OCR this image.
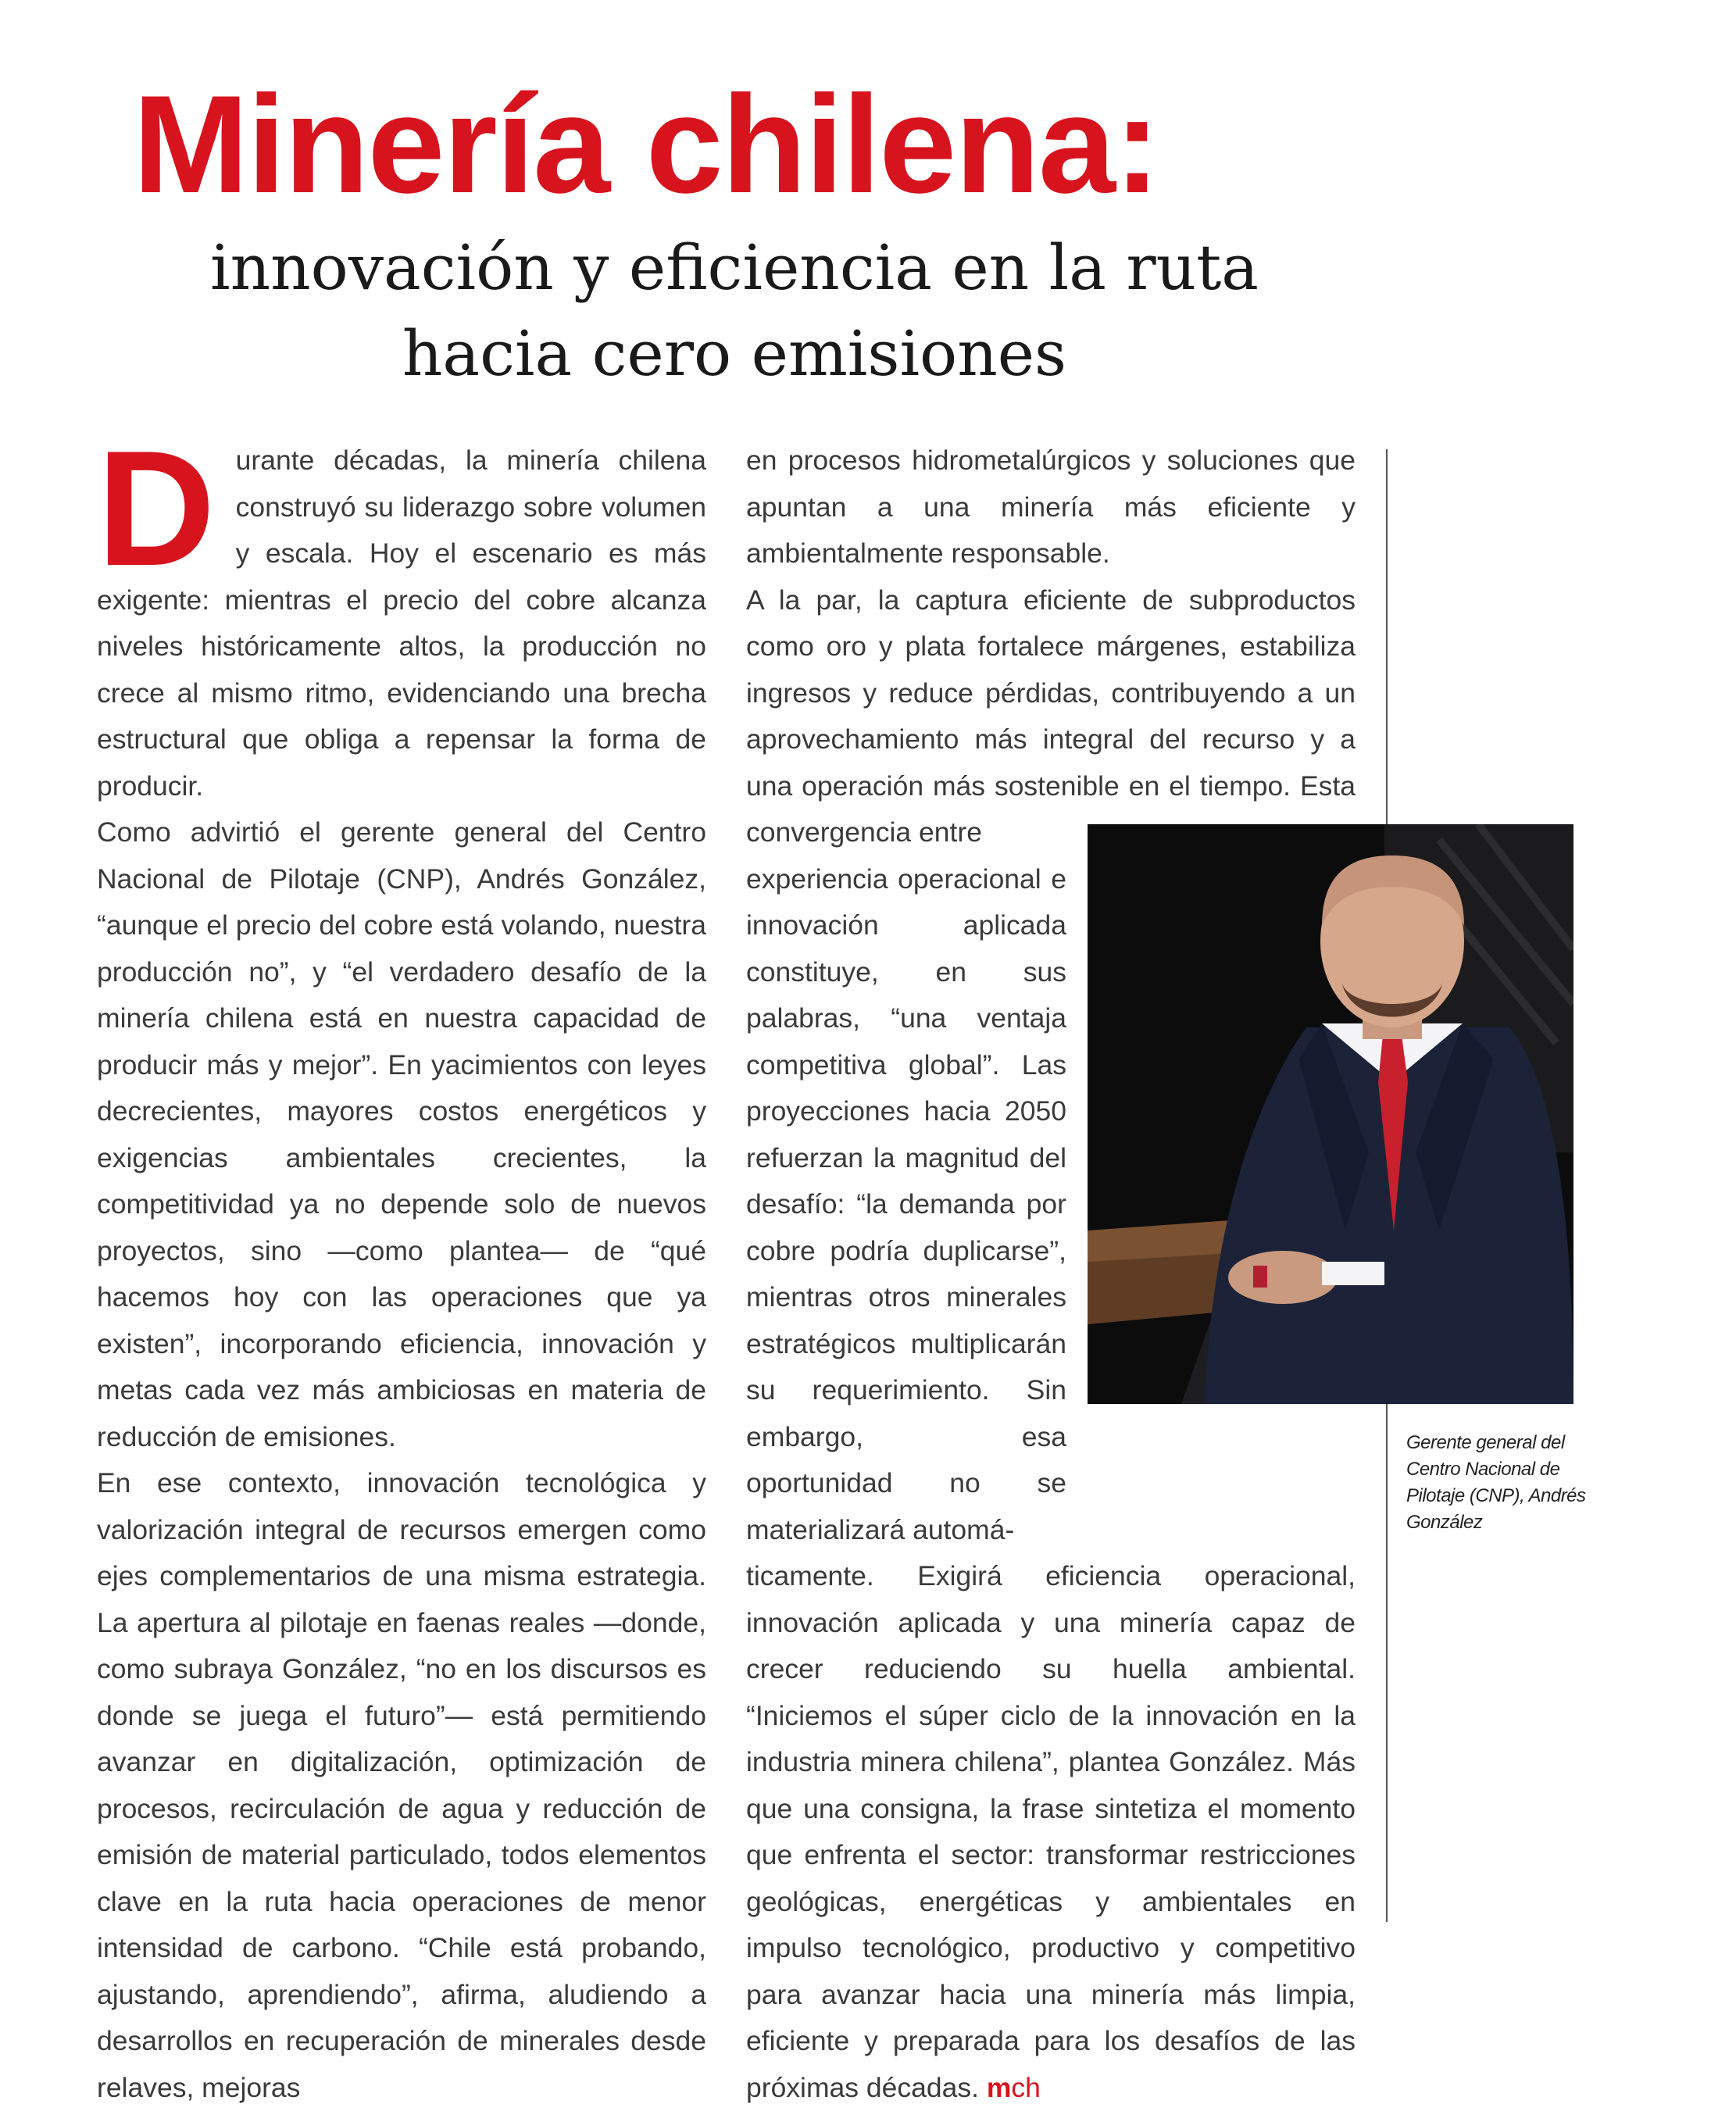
Minería chilena:
innovación y eficiencia en la ruta
hacia cero emisiones

Durante décadas, la minería chilena construyó su liderazgo sobre volumen y escala. Hoy el escenario es más exigente: mientras el precio del cobre alcanza niveles históricamente altos, la producción no crece al mismo ritmo, evidenciando una brecha estructural que obliga a repensar la forma de producir.

Como advirtió el gerente general del Centro Nacional de Pilotaje (CNP), Andrés González, “aunque el precio del cobre está volando, nuestra producción no”, y “el verdadero desafío de la minería chilena está en nuestra capacidad de producir más y mejor”. En yacimientos con leyes decrecientes, mayores costos energéticos y exigencias ambientales crecientes, la competitividad ya no depende solo de nuevos proyectos, sino —como plantea— de “qué hacemos hoy con las operaciones que ya existen”, incorporando eficiencia, innovación y metas cada vez más ambiciosas en materia de reducción de emisiones.

En ese contexto, innovación tecnológica y valorización integral de recursos emergen como ejes complementarios de una misma estrategia. La apertura al pilotaje en faenas reales —donde, como subraya González, “no en los discursos es donde se juega el futuro”— está permitiendo avanzar en digitalización, optimización de procesos, recirculación de agua y reducción de emisión de material particulado, todos elementos clave en la ruta hacia operaciones de menor intensidad de carbono. “Chile está probando, ajustando, aprendiendo”, afirma, aludiendo a desarrollos en recuperación de minerales desde relaves, mejoras

en procesos hidrometalúrgicos y soluciones que apuntan a una minería más eficiente y ambientalmente responsable.

A la par, la captura eficiente de subproductos como oro y plata fortalece márgenes, estabiliza ingresos y reduce pérdidas, contribuyendo a un aprovechamiento más integral del recurso y a una operación más sostenible en el tiempo. Esta convergencia entre

experiencia operacional e innovación aplicada constituye, en sus palabras, “una ventaja competitiva global”. Las proyecciones hacia 2050 refuerzan la magnitud del desafío: “la demanda por cobre podría duplicarse”, mientras otros minerales estratégicos multiplicarán su requerimiento. Sin embargo, esa oportunidad no se materializará automá-

ticamente. Exigirá eficiencia operacional, innovación aplicada y una minería capaz de crecer reduciendo su huella ambiental. “Iniciemos el súper ciclo de la innovación en la industria minera chilena”, plantea González. Más que una consigna, la frase sintetiza el momento que enfrenta el sector: transformar restricciones geológicas, energéticas y ambientales en impulso tecnológico, productivo y competitivo para avanzar hacia una minería más limpia, eficiente y preparada para los desafíos de las próximas décadas. mch

Gerente general del Centro Nacional de Pilotaje (CNP), Andrés González
